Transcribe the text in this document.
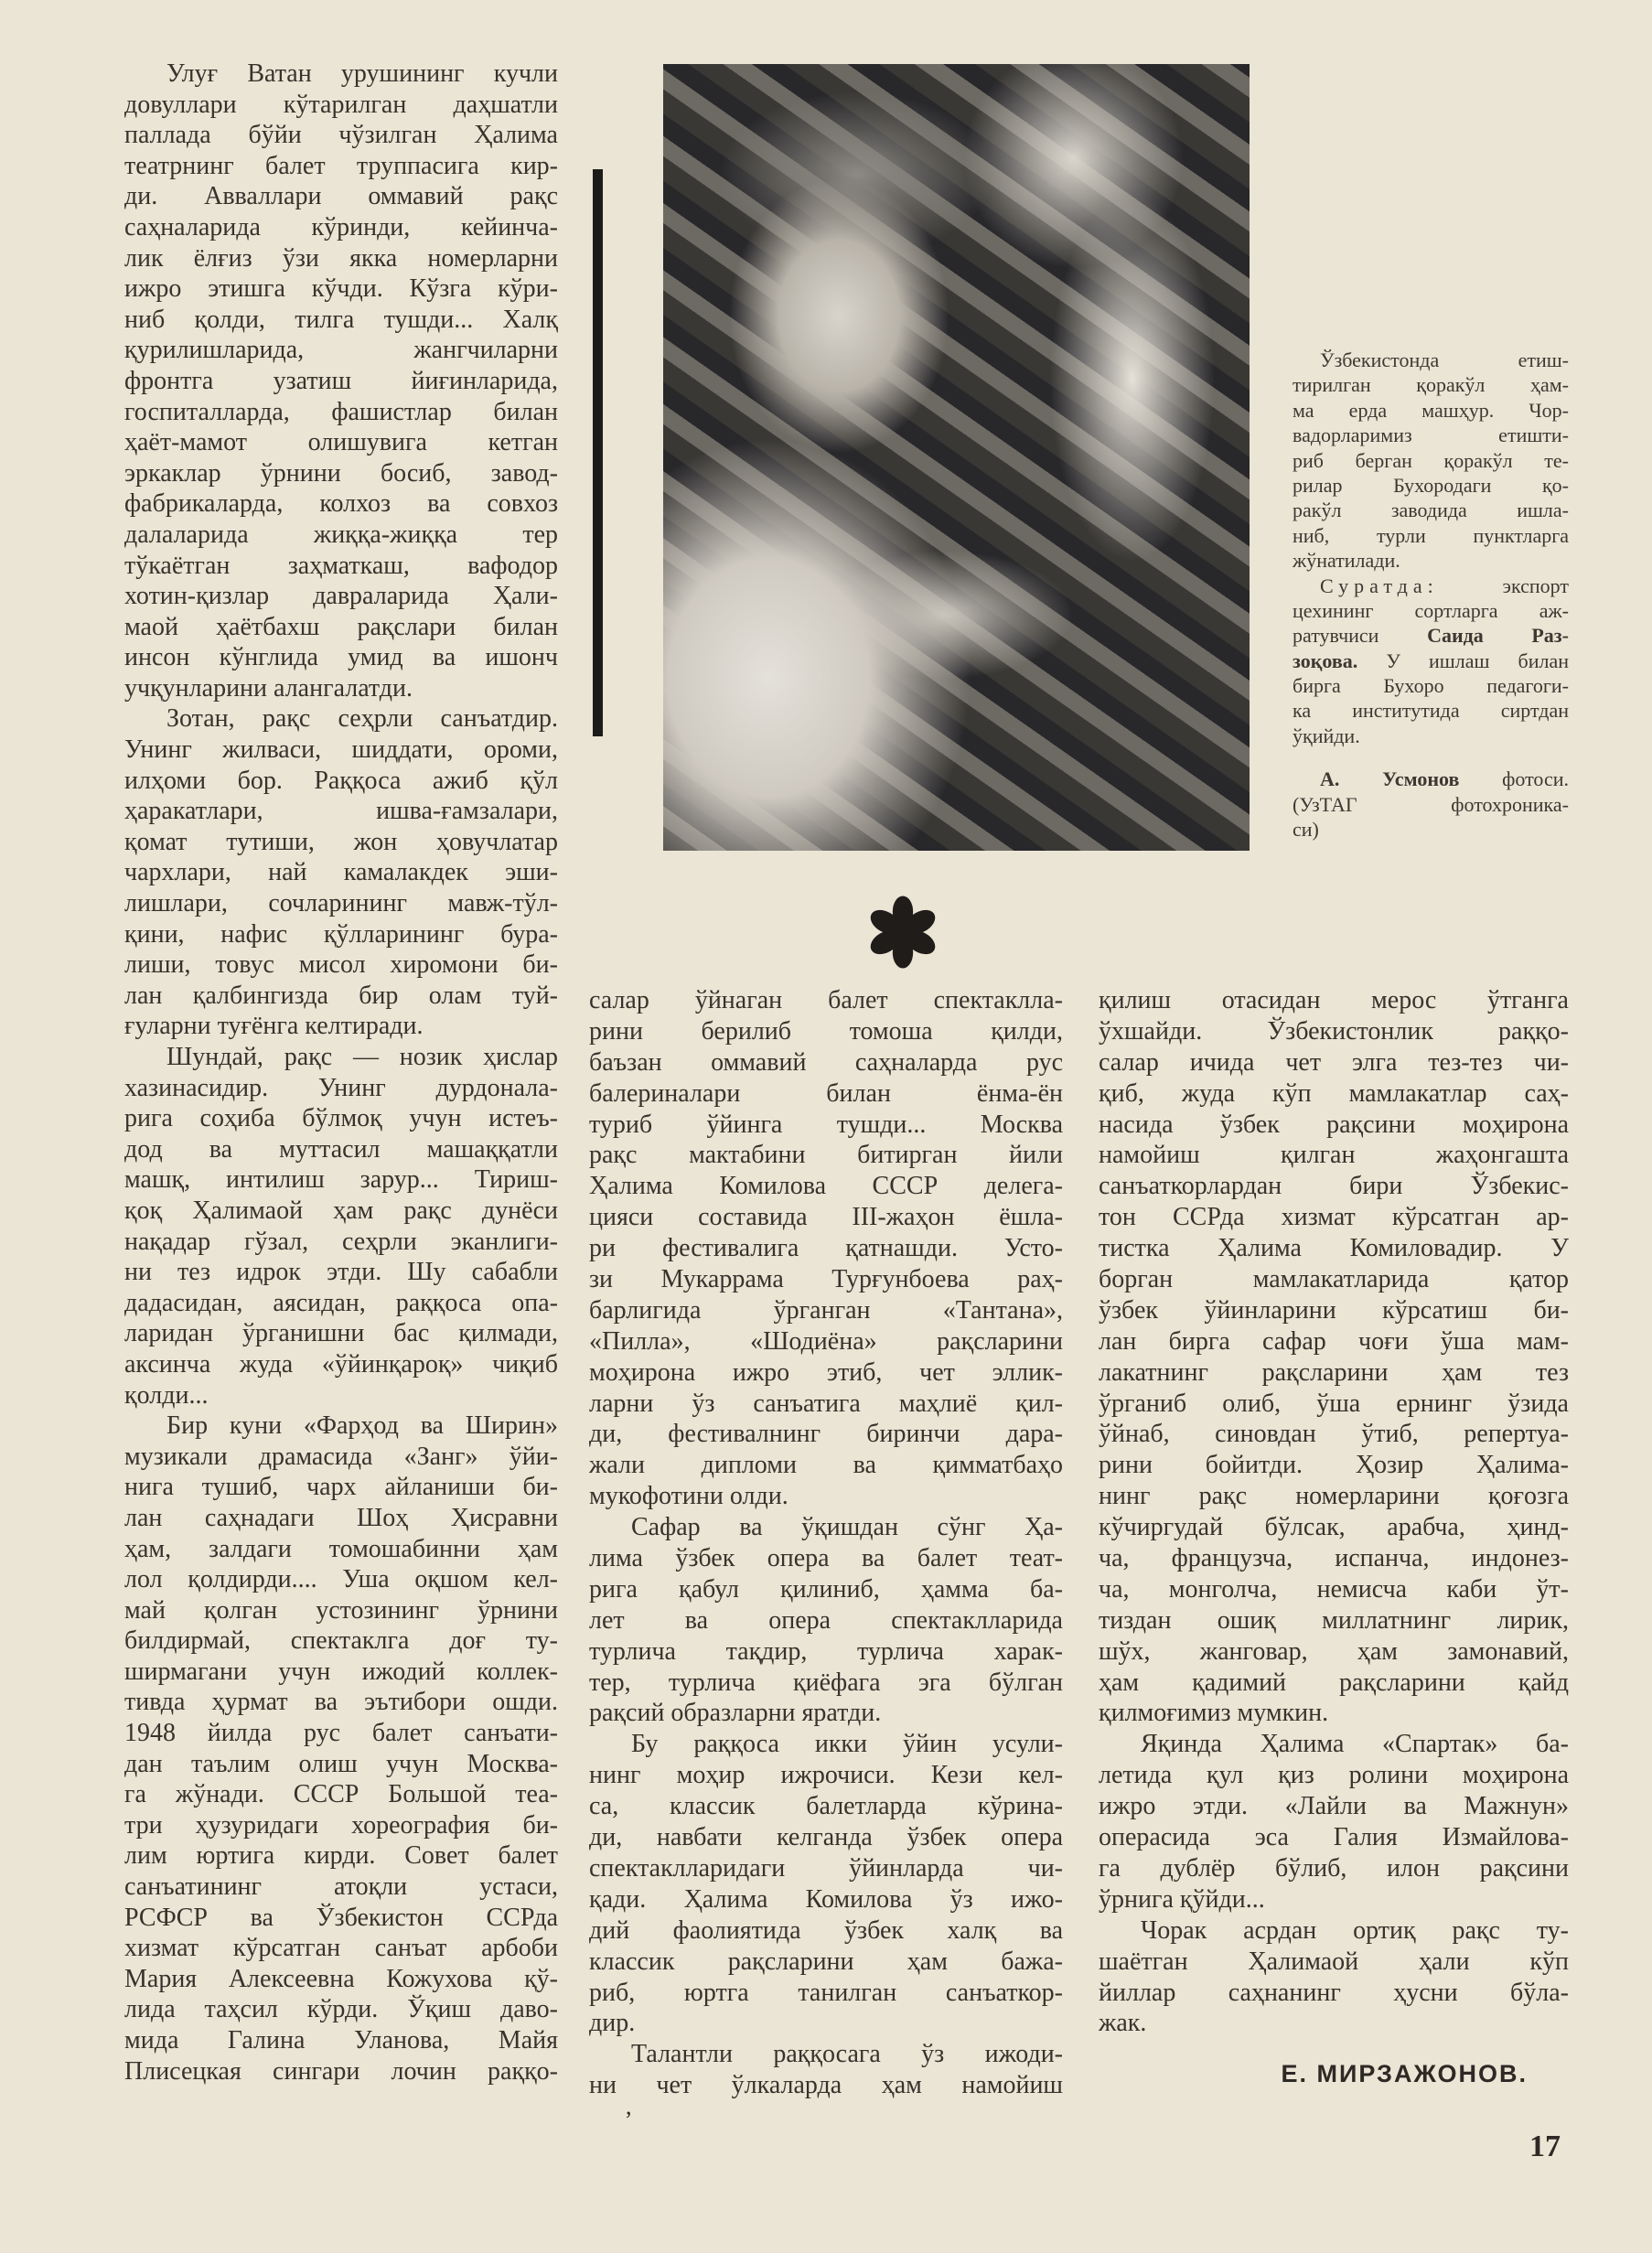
Улуғ Ватан урушининг кучли
довуллари кўтарилган даҳшатли
паллада бўйи чўзилган Ҳалима
театрнинг балет труппасига кир-
ди. Авваллари оммавий рақс
саҳналарида кўринди, кейинча-
лик ёлғиз ўзи якка номерларни
ижро этишга кўчди. Кўзга кўри-
ниб қолди, тилга тушди... Халқ
қурилишларида, жангчиларни
фронтга узатиш йиғинларида,
госпиталларда, фашистлар билан
ҳаёт-мамот олишувига кетган
эркаклар ўрнини босиб, завод-
фабрикаларда, колхоз ва совхоз
далаларида жиққа-жиққа тер
тўкаётган заҳматкаш, вафодор
хотин-қизлар давраларида Ҳали-
маой ҳаётбахш рақслари билан
инсон кўнглида умид ва ишонч
учқунларини алангалатди.
Зотан, рақс сеҳрли санъатдир.
Унинг жилваси, шиддати, ороми,
илҳоми бор. Раққоса ажиб қўл
ҳаракатлари, ишва-ғамзалари,
қомат тутиши, жон ҳовучлатар
чархлари, най камалакдек эши-
лишлари, сочларининг мавж-тўл-
қини, нафис қўлларининг бура-
лиши, товус мисол хиромони би-
лан қалбингизда бир олам туй-
ғуларни туғёнга келтиради.
Шундай, рақс — нозик ҳислар
хазинасидир. Унинг дурдонала-
рига соҳиба бўлмоқ учун истеъ-
дод ва муттасил машаққатли
машқ, интилиш зарур... Тириш-
қоқ Ҳалимаой ҳам рақс дунёси
нақадар гўзал, сеҳрли эканлиги-
ни тез идрок этди. Шу сабабли
дадасидан, аясидан, раққоса опа-
ларидан ўрганишни бас қилмади,
аксинча жуда «ўйинқароқ» чиқиб
қолди...
Бир куни «Фарҳод ва Ширин»
музикали драмасида «Занг» ўйи-
нига тушиб, чарх айланиши би-
лан саҳнадаги Шоҳ Ҳисравни
ҳам, залдаги томошабинни ҳам
лол қолдирди.... Уша оқшом кел-
май қолган устозининг ўрнини
билдирмай, спектаклга доғ ту-
ширмагани учун ижодий коллек-
тивда ҳурмат ва эътибори ошди.
1948 йилда рус балет санъати-
дан таълим олиш учун Москва-
га жўнади. СССР Большой теа-
три ҳузуридаги хореография би-
лим юртига кирди. Совет балет
санъатининг атоқли устаси,
РСФСР ва Ўзбекистон ССРда
хизмат кўрсатган санъат арбоби
Мария Алексеевна Кожухова қў-
лида таҳсил кўрди. Ўқиш даво-
мида Галина Уланова, Майя
Плисецкая сингари лочин раққо-
салар ўйнаган балет спектаклла-
рини берилиб томоша қилди,
баъзан оммавий саҳналарда рус
балериналари билан ёнма-ён
туриб ўйинга тушди... Москва
рақс мактабини битирган йили
Ҳалима Комилова СССР делега-
цияси составида III-жаҳон ёшла-
ри фестивалига қатнашди. Усто-
зи Мукаррама Турғунбоева раҳ-
барлигида ўрганган «Тантана»,
«Пилла», «Шодиёна» рақсларини
моҳирона ижро этиб, чет эллик-
ларни ўз санъатига маҳлиё қил-
ди, фестивалнинг биринчи дара-
жали дипломи ва қимматбаҳо
мукофотини олди.
Сафар ва ўқишдан сўнг Ҳа-
лима ўзбек опера ва балет теат-
рига қабул қилиниб, ҳамма ба-
лет ва опера спектаклларида
турлича тақдир, турлича харак-
тер, турлича қиёфага эга бўлган
рақсий образларни яратди.
Бу раққоса икки ўйин усули-
нинг моҳир ижрочиси. Кези кел-
са, классик балетларда кўрина-
ди, навбати келганда ўзбек опера
спектаклларидаги ўйинларда чи-
қади. Ҳалима Комилова ўз ижо-
дий фаолиятида ўзбек халқ ва
классик рақсларини ҳам бажа-
риб, юртга танилган санъаткор-
дир.
Талантли раққосага ўз ижоди-
ни чет ўлкаларда ҳам намойиш
қилиш отасидан мерос ўтганга
ўхшайди. Ўзбекистонлик раққо-
салар ичида чет элга тез-тез чи-
қиб, жуда кўп мамлакатлар саҳ-
насида ўзбек рақсини моҳирона
намойиш қилган жаҳонгашта
санъаткорлардан бири Ўзбекис-
тон ССРда хизмат кўрсатган ар-
тистка Ҳалима Комиловадир. У
борган мамлакатларида қатор
ўзбек ўйинларини кўрсатиш би-
лан бирга сафар чоғи ўша мам-
лакатнинг рақсларини ҳам тез
ўрганиб олиб, ўша ернинг ўзида
ўйнаб, синовдан ўтиб, репертуа-
рини бойитди. Ҳозир Ҳалима-
нинг рақс номерларини қоғозга
кўчиргудай бўлсак, арабча, ҳинд-
ча, французча, испанча, индонез-
ча, монголча, немисча каби ўт-
тиздан ошиқ миллатнинг лирик,
шўх, жанговар, ҳам замонавий,
ҳам қадимий рақсларини қайд
қилмоғимиз мумкин.
Яқинда Ҳалима «Спартак» ба-
летида қул қиз ролини моҳирона
ижро этди. «Лайли ва Мажнун»
операсида эса Галия Измайлова-
га дублёр бўлиб, илон рақсини
ўрнига қўйди...
Чорак асрдан ортиқ рақс ту-
шаётган Ҳалимаой ҳали кўп
йиллар саҳнанинг ҳусни бўла-
жак.
Ўзбекистонда етиш-
тирилган қоракўл ҳам-
ма ерда машҳур. Чор-
вадорларимиз етишти-
риб берган қоракўл те-
рилар Бухородаги қо-
ракўл заводида ишла-
ниб, турли пунктларга
жўнатилади.
Суратда: экспорт
цехининг сортларга аж-
ратувчиси Саида Раз-
зоқова. У ишлаш билан
бирга Бухоро педагоги-
ка институтида сиртдан
ўқийди.
А. Усмонов фотоси.
(УзТАГ фотохроника-
си)
Е. МИРЗАЖОНОВ.
,
17
